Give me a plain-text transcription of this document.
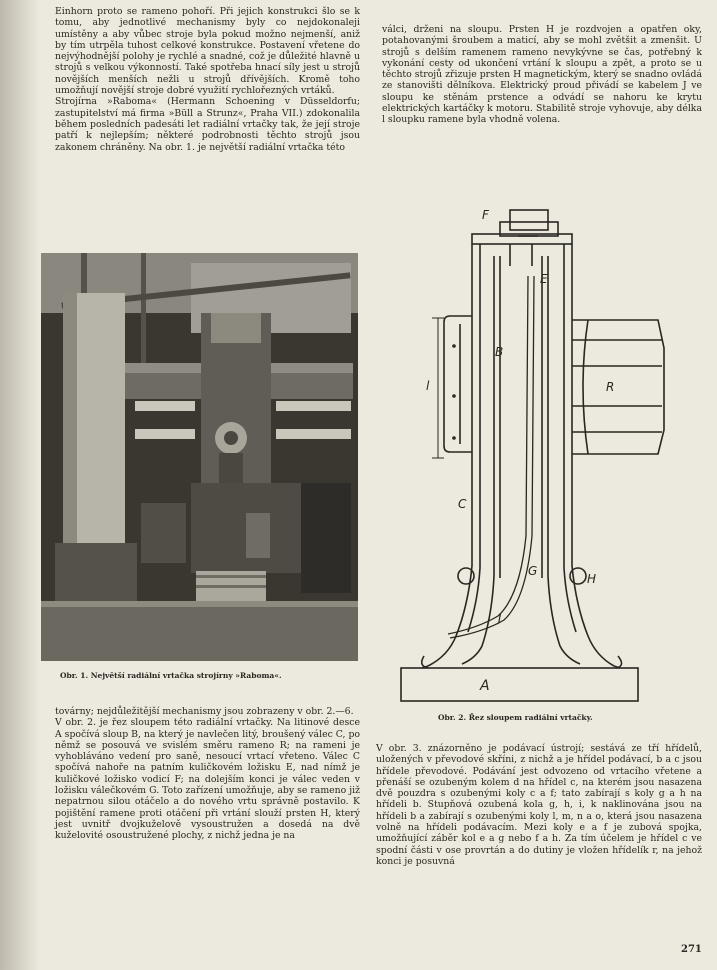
Einhorn proto se rameno pohoří. Při jejich konstrukci šlo se k tomu, aby jednotlivé mechanismy byly co nejdokonaleji umístěny a aby vůbec stroje byla pokud možno nejmenší, aniž by tím utrpěla tuhost celkové konstrukce. Postavení vřetene do nejvýhodnější polohy je rychlé a snadné, což je důležité hlavně u strojů s velkou výkonností. Také spotřeba hnací síly jest u strojů novějších menších nežli u strojů dřívějších. Kromě toho umožňují novější stroje dobré využití rychlořezných vrtáků.
Strojírna »Raboma« (Hermann Schoening v Düsseldorfu; zastupitelství má firma »Büll a Strunz«, Praha VII.) zdokonalila během posledních padesáti let radiální vrtačky tak, že její stroje patří k nejlepším; některé podrobnosti těchto strojů jsou zakonem chráněny. Na obr. 1. je největší radiální vrtačka této

válci, drženi na sloupu. Prsten H je rozdvojen a opatřen oky, potahovanými šroubem a maticí, aby se mohl zvětšit a zmenšit. U strojů s delším ramenem rameno nevykývne se čas, potřebný k vykonání cesty od ukončení vrtání k sloupu a zpět, a proto se u těchto strojů zřizuje prsten H magnetickým, který se snadno ovládá ze stanovišti dělníkova. Elektrický proud přivádí se kabelem J ve sloupu ke stěnám prstence a odvádí se nahoru ke krytu elektrických kartáčky k motoru. Stabilitě stroje vyhovuje, aby délka l sloupku ramene byla vhodně volena.

Obr. 1. Největší radiální vrtačka strojírny »Raboma«.
F
E
B
l	R
C
G
H
J
A
Obr. 2. Řez sloupem radiální vrtačky.

továrny; nejdůležitější mechanismy jsou zobrazeny v obr. 2.—6.
V obr. 2. je řez sloupem této radiální vrtačky. Na litinové desce A spočívá sloup B, na který je navlečen litý, broušený válec C, po němž se posouvá ve svislém směru rameno R; na rameni je vyhobláváno vedení pro saně, nesoucí vrtací vřeteno. Válec C spočívá nahoře na patním kuličkovém ložisku E, nad nímž je kuličkové ložisko vodicí F; na dolejším konci je válec veden v ložisku válečkovém G. Toto zařízení umožňuje, aby se rameno již nepatrnou silou otáčelo a do nového vrtu správně postavilo. K pojištění ramene proti otáčení při vrtání slouží prsten H, který jest uvnitř dvojkuželově vysoustružen a dosedá na dvě kuželovité osoustružené plochy, z nichž jedna je na

V obr. 3. znázorněno je podávací ústrojí; sestává ze tří hřídelů, uložených v převodové skříni, z nichž a je hřídel podávací, b a c jsou hřídele převodové. Podávání jest odvozeno od vrtacího vřetene a přenáší se ozubeným kolem d na hřídel c, na kterém jsou nasazena dvě pouzdra s ozubenými koly c a f; tato zabírají s koly g a h na hřídeli b. Stupňová ozubená kola g, h, i, k naklinována jsou na hřídeli b a zabírají s ozubenými koly l, m, n a o, která jsou nasazena volně na hřídeli podávacím. Mezi koly e a f je zubová spojka, umožňující záběr kol e a g nebo f a h. Za tím účelem je hřídel c ve spodní části v ose provrtán a do dutiny je vložen hřídelík r, na jehož konci je posuvná

271
